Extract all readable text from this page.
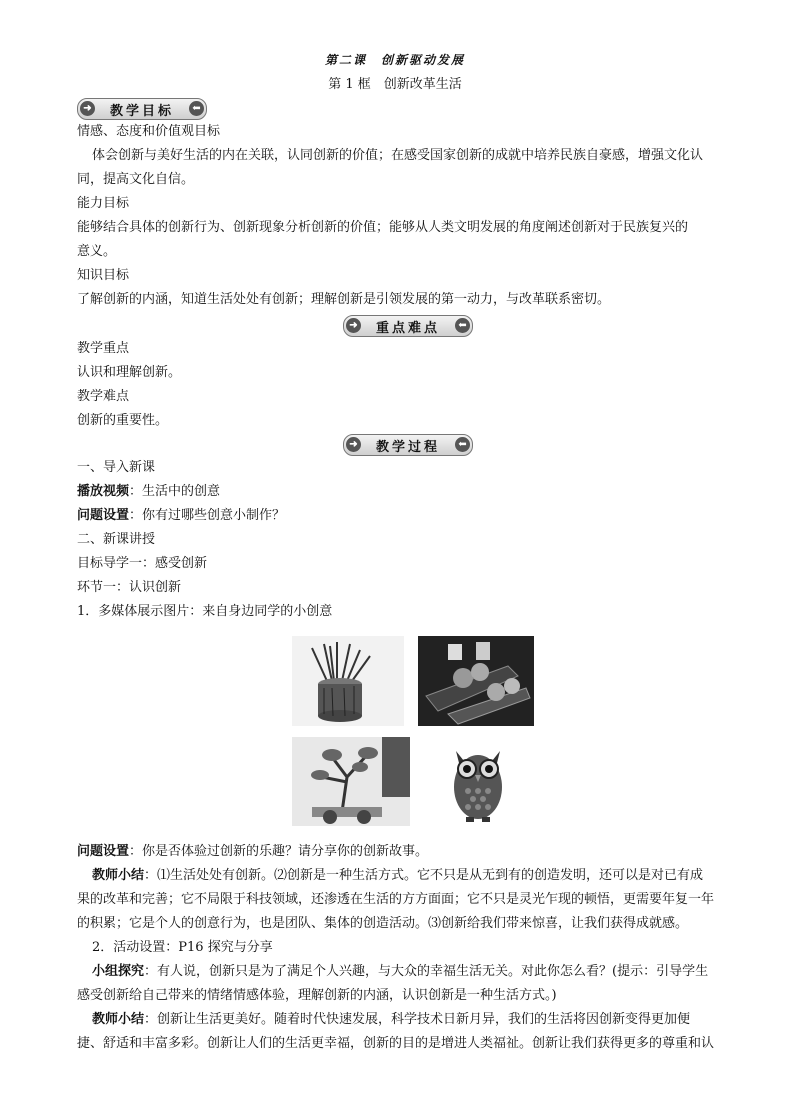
第二课　创新驱动发展
第 1 框　创新改革生活
➜ 教学目标	⬅
情感、态度和价值观目标
体会创新与美好生活的内在关联，认同创新的价值；在感受国家创新的成就中培养民族自豪感，增强文化认
同，提高文化自信。
能力目标
能够结合具体的创新行为、创新现象分析创新的价值；能够从人类文明发展的角度阐述创新对于民族复兴的
意义。
知识目标
了解创新的内涵，知道生活处处有创新；理解创新是引领发展的第一动力，与改革联系密切。
➜ 重点难点	⬅
教学重点
认识和理解创新。
教学难点
创新的重要性。
➜ 教学过程	⬅
一、导入新课
播放视频：生活中的创意
问题设置：你有过哪些创意小制作？
二、新课讲授
目标导学一：感受创新
环节一：认识创新
1．多媒体展示图片：来自身边同学的小创意
问题设置：你是否体验过创新的乐趣？请分享你的创新故事。
教师小结：⑴生活处处有创新。⑵创新是一种生活方式。它不只是从无到有的创造发明，还可以是对已有成
果的改革和完善；它不局限于科技领域，还渗透在生活的方方面面；它不只是灵光乍现的顿悟，更需要年复一年
的积累；它是个人的创意行为，也是团队、集体的创造活动。⑶创新给我们带来惊喜，让我们获得成就感。
2．活动设置：P16 探究与分享
小组探究：有人说，创新只是为了满足个人兴趣，与大众的幸福生活无关。对此你怎么看？(提示：引导学生
感受创新给自己带来的情绪情感体验，理解创新的内涵，认识创新是一种生活方式。)
教师小结：创新让生活更美好。随着时代快速发展，科学技术日新月异，我们的生活将因创新变得更加便
捷、舒适和丰富多彩。创新让人们的生活更幸福，创新的目的是增进人类福祉。创新让我们获得更多的尊重和认
